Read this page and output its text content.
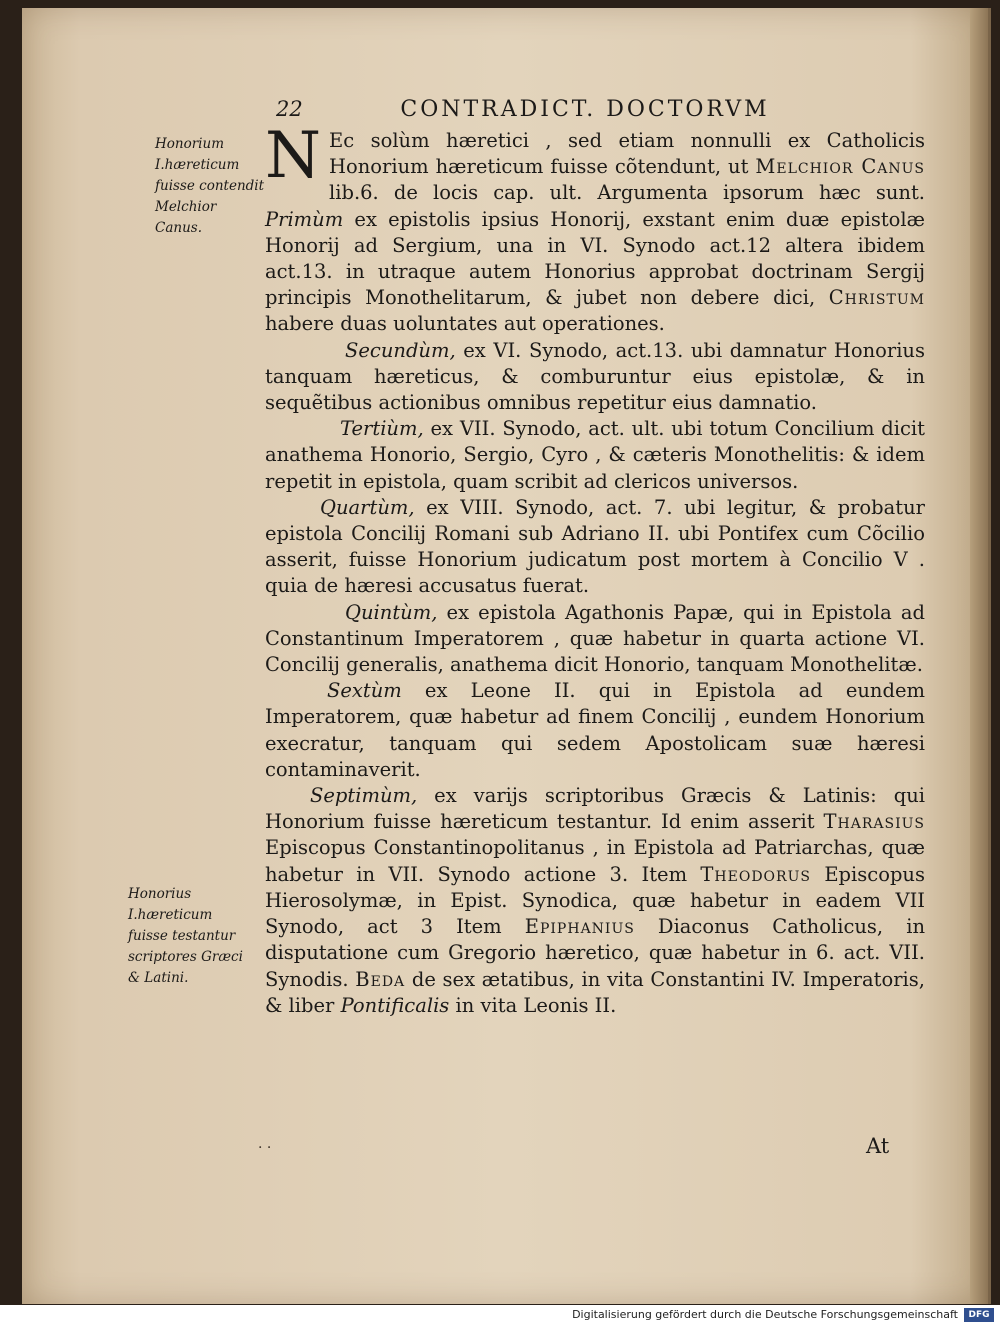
22	CONTRADICT. DOCTORVM
Honorium I.hæreticum fuisse contendit Melchior Canus.
Honorius I.hæreticum fuisse testantur scriptores Græci & Latini.

N Ec solùm hæretici , sed etiam nonnulli ex Catholicis Honorium hæreticum fuisse cõtendunt, ut Melchior Canus lib.6. de locis cap. ult. Argumenta ipsorum hæc sunt. Primùm ex epistolis ipsius Honorij, exstant enim duæ epistolæ Honorij ad Sergium, una in VI. Synodo act.12 altera ibidem act.13. in utraque autem Honorius approbat doctrinam Sergij principis Monothelitarum, & jubet non debere dici, Christum habere duas uoluntates aut operationes.

Secundùm, ex VI. Synodo, act.13. ubi damnatur Honorius tanquam hæreticus, & comburuntur eius epistolæ, & in sequẽtibus actionibus omnibus repetitur eius damnatio.

Tertiùm, ex VII. Synodo, act. ult. ubi totum Concilium dicit anathema Honorio, Sergio, Cyro , & cæteris Monothelitis: & idem repetit in epistola, quam scribit ad clericos universos.

Quartùm, ex VIII. Synodo, act. 7. ubi legitur, & probatur epistola Concilij Romani sub Adriano II. ubi Pontifex cum Cõcilio asserit, fuisse Honorium judicatum post mortem à Concilio V . quia de hæresi accusatus fuerat.

Quintùm, ex epistola Agathonis Papæ, qui in Epistola ad Constantinum Imperatorem , quæ habetur in quarta actione VI. Concilij generalis, anathema dicit Honorio, tanquam Monothelitæ.

Sextùm ex Leone II. qui in Epistola ad eundem Imperatorem, quæ habetur ad finem Concilij , eundem Honorium execratur, tanquam qui sedem Apostolicam suæ hæresi contaminaverit.

Septimùm, ex varijs scriptoribus Græcis & Latinis: qui Honorium fuisse hæreticum testantur. Id enim asserit Tharasius Episcopus Constantinopolitanus , in Epistola ad Patriarchas, quæ habetur in VII. Synodo actione 3. Item Theodorus Episcopus Hierosolymæ, in Epist. Synodica, quæ habetur in eadem VII Synodo, act 3 Item Epiphanius Diaconus Catholicus, in disputatione cum Gregorio hæretico, quæ habetur in 6. act. VII. Synodis. Beda de sex ætatibus, in vita Constantini IV. Imperatoris, & liber Pontificalis in vita Leonis II.

· ·	At
Digitalisierung gefördert durch die Deutsche Forschungsgemeinschaft	DFG
